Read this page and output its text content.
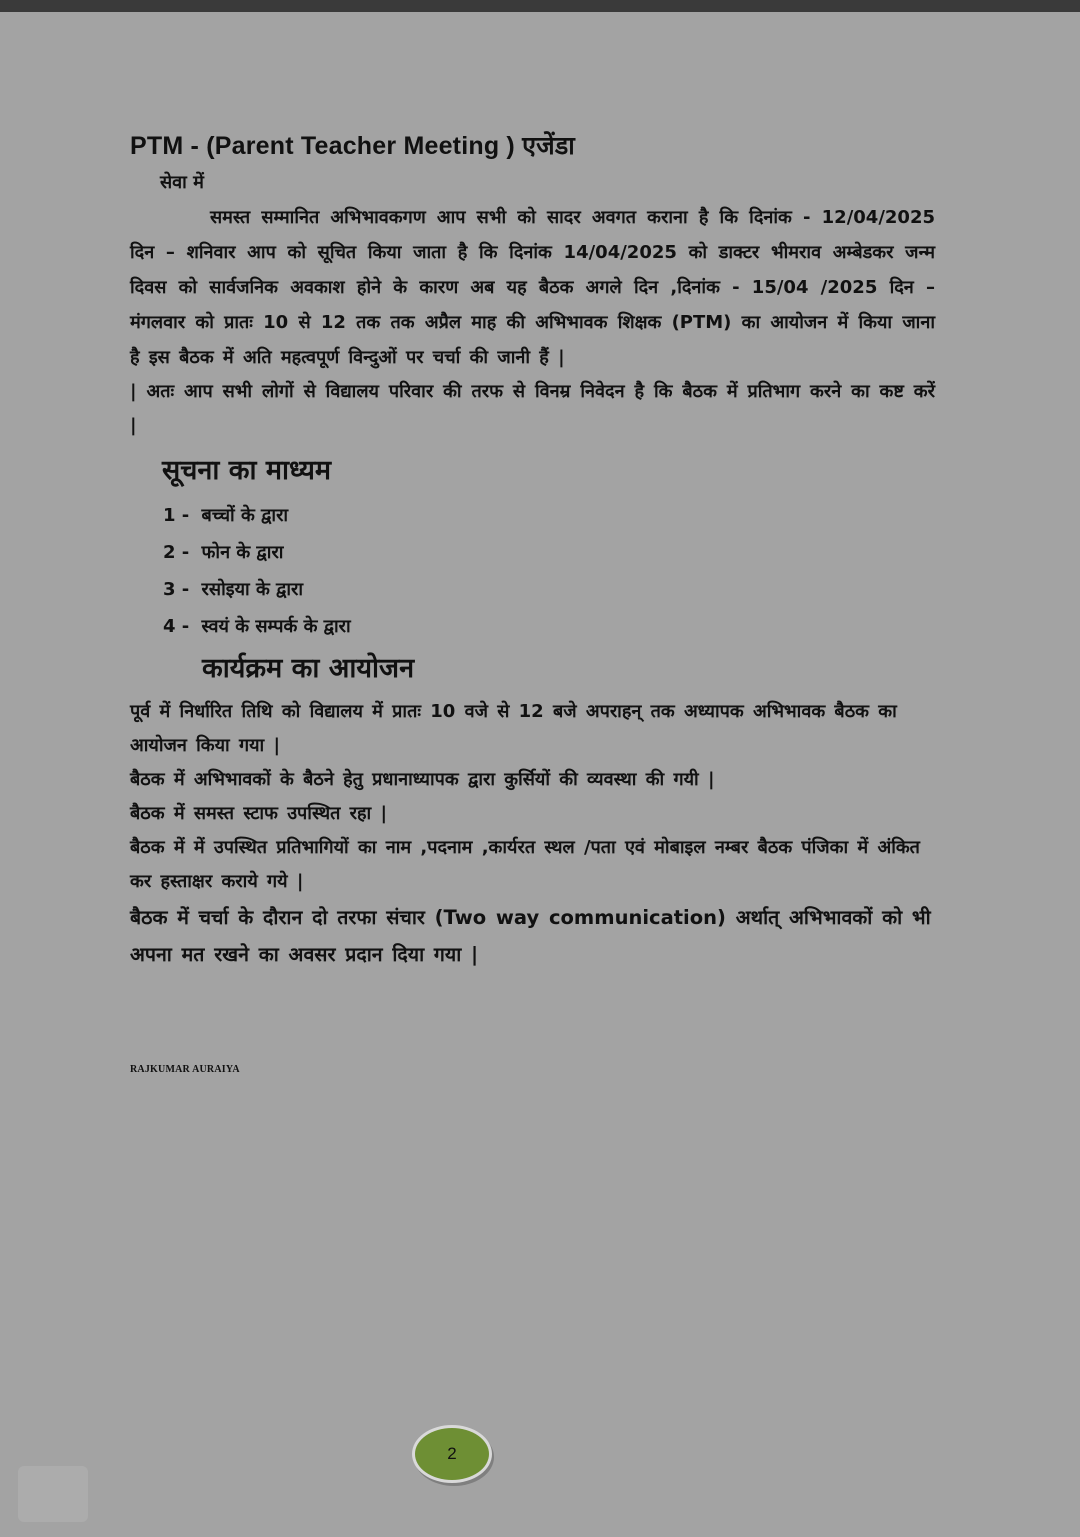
PTM - (Parent Teacher Meeting ) एजेंडा

सेवा में

समस्त सम्मानित अभिभावकगण आप सभी को सादर अवगत कराना है कि दिनांक - 12/04/2025 दिन – शनिवार आप को सूचित किया जाता है कि दिनांक 14/04/2025 को डाक्टर भीमराव अम्बेडकर जन्म दिवस को सार्वजनिक अवकाश होने के कारण अब यह बैठक अगले दिन ,दिनांक - 15/04 /2025 दिन – मंगलवार को प्रातः 10 से 12 तक तक अप्रैल माह की अभिभावक शिक्षक (PTM) का आयोजन में किया जाना है इस बैठक में अति महत्वपूर्ण विन्दुओं पर चर्चा की जानी हैं |

| अतः आप सभी लोगों से विद्यालय परिवार की तरफ से विनम्र निवेदन है कि बैठक में प्रतिभाग करने का कष्ट करें |

सूचना का माध्यम
1 - बच्चों के द्वारा
2 - फोन के द्वारा
3 - रसोइया के द्वारा
4 - स्वयं के सम्पर्क के द्वारा
कार्यक्रम का आयोजन

पूर्व में निर्धारित तिथि को विद्यालय में प्रातः 10 वजे से 12 बजे अपराहन् तक अध्यापक अभिभावक बैठक का आयोजन किया गया |

बैठक में अभिभावकों के बैठने हेतु प्रधानाध्यापक द्वारा कुर्सियों की व्यवस्था की गयी |

बैठक में समस्त स्टाफ उपस्थित रहा |

बैठक में में उपस्थित प्रतिभागियों का नाम ,पदनाम ,कार्यरत स्थल /पता एवं मोबाइल नम्बर बैठक पंजिका में अंकित कर हस्ताक्षर कराये गये |

बैठक में चर्चा के दौरान दो तरफा संचार (Two way communication) अर्थात् अभिभावकों को भी अपना मत रखने का अवसर प्रदान दिया गया |

RAJKUMAR AURAIYA
2
